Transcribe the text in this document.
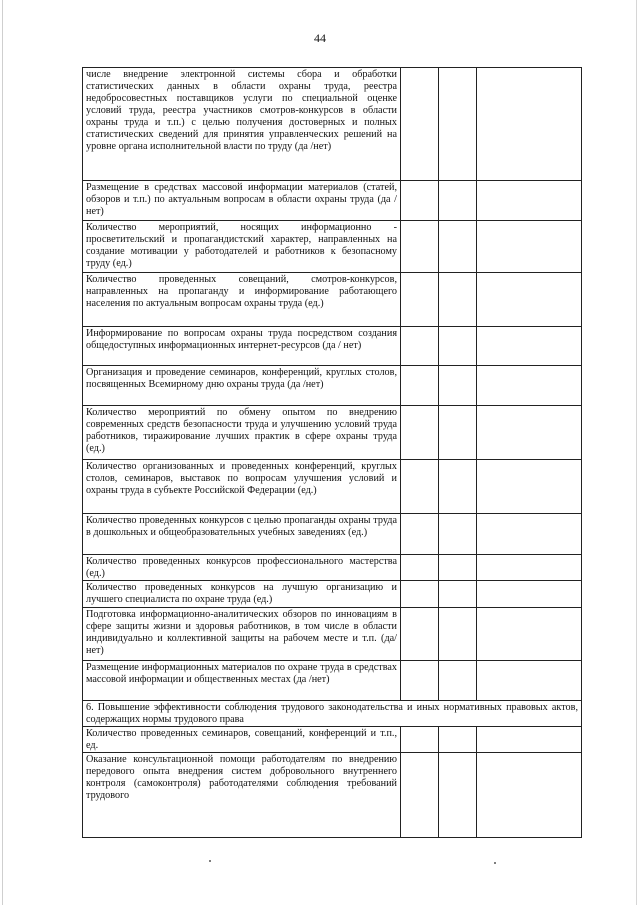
44
числе внедрение электронной системы сбора и обработки статистических данных в области охраны труда, реестра недобросовестных поставщиков услуги по специальной оценке условий труда, реестра участников смотров-конкурсов в области охраны труда и т.п.) с целью получения достоверных и полных статистических сведений для принятия управленческих решений на уровне органа исполнительной власти по труду (да /нет)			
Размещение в средствах массовой информации материалов (статей, обзоров и т.п.) по актуальным вопросам в области охраны труда (да /нет)			
Количество мероприятий, носящих информационно - просветительский и пропагандистский характер, направленных на создание мотивации у работодателей и работников к безопасному труду (ед.)			
Количество проведенных совещаний, смотров-конкурсов, направленных на пропаганду и информирование работающего населения по актуальным вопросам охраны труда (ед.)			
Информирование по вопросам охраны труда посредством создания общедоступных информационных интернет-ресурсов (да / нет)			
Организация и проведение семинаров, конференций, круглых столов, посвященных Всемирному дню охраны труда (да /нет)			
Количество мероприятий по обмену опытом по внедрению современных средств безопасности труда и улучшению условий труда работников, тиражирование лучших практик в сфере охраны труда (ед.)			
Количество организованных и проведенных конференций, круглых столов, семинаров, выставок по вопросам улучшения условий и охраны труда в субъекте Российской Федерации (ед.)			
Количество проведенных конкурсов с целью пропаганды охраны труда в дошкольных и общеобразовательных учебных заведениях (ед.)			
Количество проведенных конкурсов профессионального мастерства (ед.)			
Количество проведенных конкурсов на лучшую организацию и лучшего специалиста по охране труда (ед.)			
Подготовка информационно-аналитических обзоров по инновациям в сфере защиты жизни и здоровья работников, в том числе в области индивидуально и коллективной защиты на рабочем месте и т.п. (да/нет)			
Размещение информационных материалов по охране труда в средствах массовой информации и общественных местах (да /нет)			
6. Повышение эффективности соблюдения трудового законодательства и иных нормативных правовых актов, содержащих нормы трудового права			
Количество проведенных семинаров, совещаний, конференций и т.п., ед.			
Оказание консультационной помощи работодателям по внедрению передового опыта внедрения систем добровольного внутреннего контроля (самоконтроля) работодателями соблюдения требований трудового			
